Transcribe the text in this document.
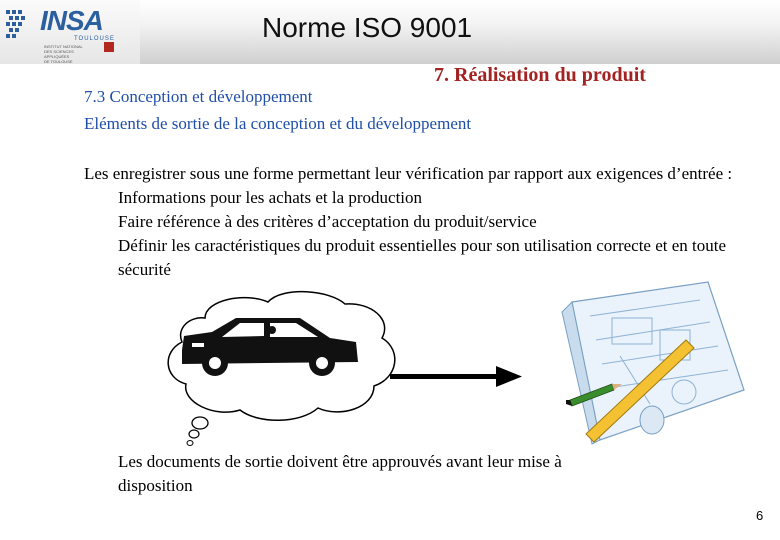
INSA
TOULOUSE
INSTITUT NATIONAL
DES SCIENCES APPLIQUÉES
DE TOULOUSE
Norme ISO 9001
7. Réalisation du produit
7.3 Conception et développement
Eléments de sortie de la conception et du développement
Les enregistrer sous une forme permettant leur vérification par rapport aux exigences d’entrée :
Informations pour les achats et la production
Faire référence à des critères d’acceptation du produit/service
Définir les caractéristiques du produit essentielles pour son utilisation correcte et en toute sécurité
Les documents de sortie doivent être approuvés avant leur mise à disposition
6
